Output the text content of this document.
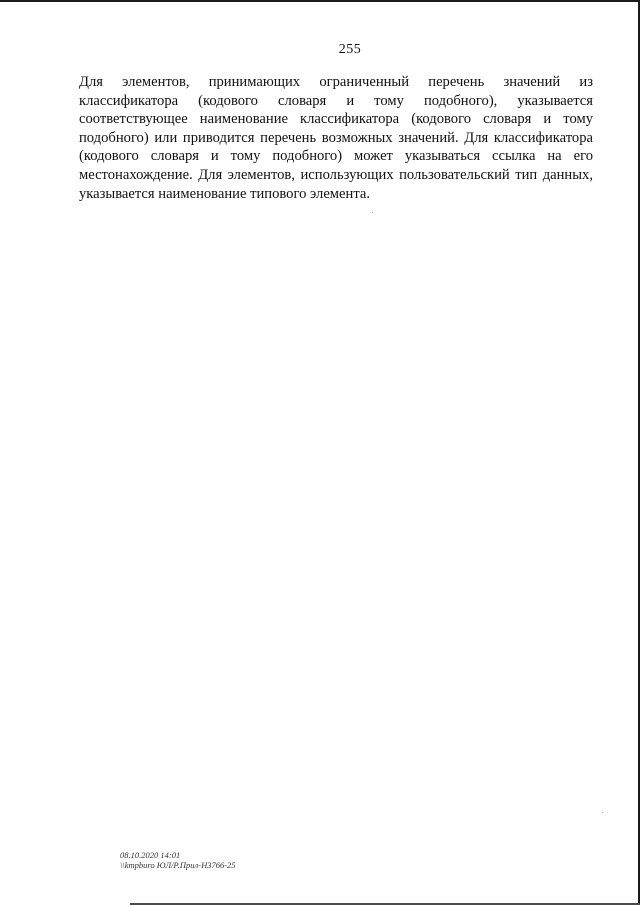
255

Для элементов, принимающих ограниченный перечень значений из классификатора (кодового словаря и тому подобного), указывается соответствующее наименование классификатора (кодового словаря и тому подобного) или приводится перечень возможных значений. Для классификатора (кодового словаря и тому подобного) может указываться ссылка на его местонахождение. Для элементов, использующих пользовательский тип данных, указывается наименование типового элемента.

08.10.2020 14:01
\\kmpburo ЮЛ/Р.Прил-Н3766-25
